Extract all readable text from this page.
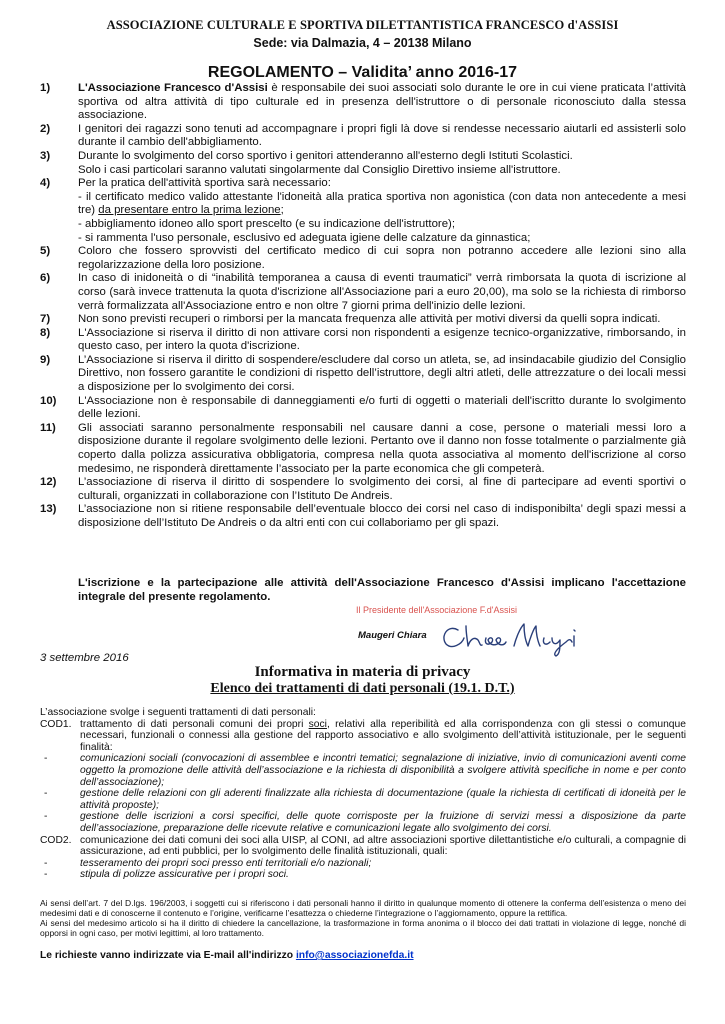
ASSOCIAZIONE CULTURALE E SPORTIVA DILETTANTISTICA FRANCESCO d'ASSISI
Sede: via Dalmazia, 4 – 20138 Milano
REGOLAMENTO – Validita’ anno 2016-17
1) L'Associazione Francesco d'Assisi è responsabile dei suoi associati solo durante le ore in cui viene praticata l’attività sportiva od altra attività di tipo culturale ed in presenza dell'istruttore o di personale riconosciuto dalla stessa associazione.
2) I genitori dei ragazzi sono tenuti ad accompagnare i propri figli là dove si rendesse necessario aiutarli ed assisterli solo durante il cambio dell'abbigliamento.
3) Durante lo svolgimento del corso sportivo i genitori attenderanno all'esterno degli Istituti Scolastici.
Solo i casi particolari saranno valutati singolarmente dal Consiglio Direttivo insieme all'istruttore.
4) Per la pratica dell'attività sportiva sarà necessario:
- il certificato medico valido attestante l'idoneità alla pratica sportiva non agonistica (con data non antecedente a mesi tre) da presentare entro la prima lezione;
- abbigliamento idoneo allo sport prescelto (e su indicazione dell'istruttore);
- si rammenta l'uso personale, esclusivo ed adeguata igiene delle calzature da ginnastica;
5) Coloro che fossero sprovvisti del certificato medico di cui sopra non potranno accedere alle lezioni sino alla regolarizzazione della loro posizione.
6) In caso di inidoneità o di “inabilità temporanea a causa di eventi traumatici” verrà rimborsata la quota di iscrizione al corso (sarà invece trattenuta la quota d'iscrizione all'Associazione pari a euro 20,00), ma solo se la richiesta di rimborso verrà formalizzata all'Associazione entro e non oltre 7 giorni prima dell'inizio delle lezioni.
7) Non sono previsti recuperi o rimborsi per la mancata frequenza alle attività per motivi diversi da quelli sopra indicati.
8) L'Associazione si riserva il diritto di non attivare corsi non rispondenti a esigenze tecnico-organizzative, rimborsando, in questo caso, per intero la quota d'iscrizione.
9) L’Associazione si riserva il diritto di sospendere/escludere dal corso un atleta, se, ad insindacabile giudizio del Consiglio Direttivo, non fossero garantite le condizioni di rispetto dell’istruttore, degli altri atleti, delle attrezzature o dei locali messi a disposizione per lo svolgimento dei corsi.
10) L'Associazione non è responsabile di danneggiamenti e/o furti di oggetti o materiali dell'iscritto durante lo svolgimento delle lezioni.
11) Gli associati saranno personalmente responsabili nel causare danni a cose, persone o materiali messi loro a disposizione durante il regolare svolgimento delle lezioni. Pertanto ove il danno non fosse totalmente o parzialmente già coperto dalla polizza assicurativa obbligatoria, compresa nella quota associativa al momento dell'iscrizione al corso medesimo, ne risponderà direttamente l’associato per la parte economica che gli competerà.
12) L’associazione di riserva il diritto di sospendere lo svolgimento dei corsi, al fine di partecipare ad eventi sportivi o culturali, organizzati in collaborazione con l’Istituto De Andreis.
13) L’associazione non si ritiene responsabile dell’eventuale blocco dei corsi nel caso di indisponibilta’ degli spazi messi a disposizione dell’Istituto De Andreis o da altri enti con cui collaboriamo per gli spazi.
L'iscrizione e la partecipazione alle attività dell'Associazione Francesco d'Assisi implicano l'accettazione integrale del presente regolamento.
Il Presidente dell'Associazione F.d'Assisi
Maugeri Chiara
3 settembre 2016
Informativa in materia di privacy
Elenco dei trattamenti di dati personali (19.1. D.T.)

L’associazione svolge i seguenti trattamenti di dati personali:

COD1. trattamento di dati personali comuni dei propri soci, relativi alla reperibilità ed alla corrispondenza con gli stessi o comunque necessari, funzionali o connessi alla gestione del rapporto associativo e allo svolgimento dell’attività istituzionale, per le seguenti finalità:
-	comunicazioni sociali (convocazioni di assemblee e incontri tematici; segnalazione di iniziative, invio di comunicazioni aventi come oggetto la promozione delle attività dell’associazione e la richiesta di disponibilità a svolgere attività specifiche in nome e per conto dell’associazione);
-	gestione delle relazioni con gli aderenti finalizzate alla richiesta di documentazione (quale la richiesta di certificati di idoneità per le attività proposte);
-	gestione delle iscrizioni a corsi specifici, delle quote corrisposte per la fruizione di servizi messi a disposizione da parte dell’associazione, preparazione delle ricevute relative e comunicazioni legate allo svolgimento dei corsi.
COD2. comunicazione dei dati comuni dei soci alla UISP, al CONI, ad altre associazioni sportive dilettantistiche e/o culturali, a compagnie di assicurazione, ad enti pubblici, per lo svolgimento delle finalità istituzionali, quali:
-	tesseramento dei propri soci presso enti territoriali e/o nazionali;
-	stipula di polizze assicurative per i propri soci.
Ai sensi dell’art. 7 del D.lgs. 196/2003, i soggetti cui si riferiscono i dati personali hanno il diritto in qualunque momento di ottenere la conferma dell’esistenza o meno dei medesimi dati e di conoscerne il contenuto e l’origine, verificarne l’esattezza o chiederne l’integrazione o l’aggiornamento, oppure la rettifica.
Ai sensi del medesimo articolo si ha il diritto di chiedere la cancellazione, la trasformazione in forma anonima o il blocco dei dati trattati in violazione di legge, nonché di opporsi in ogni caso, per motivi legittimi, al loro trattamento.
Le richieste vanno indirizzate via E-mail all'indirizzo info@associazionefda.it
